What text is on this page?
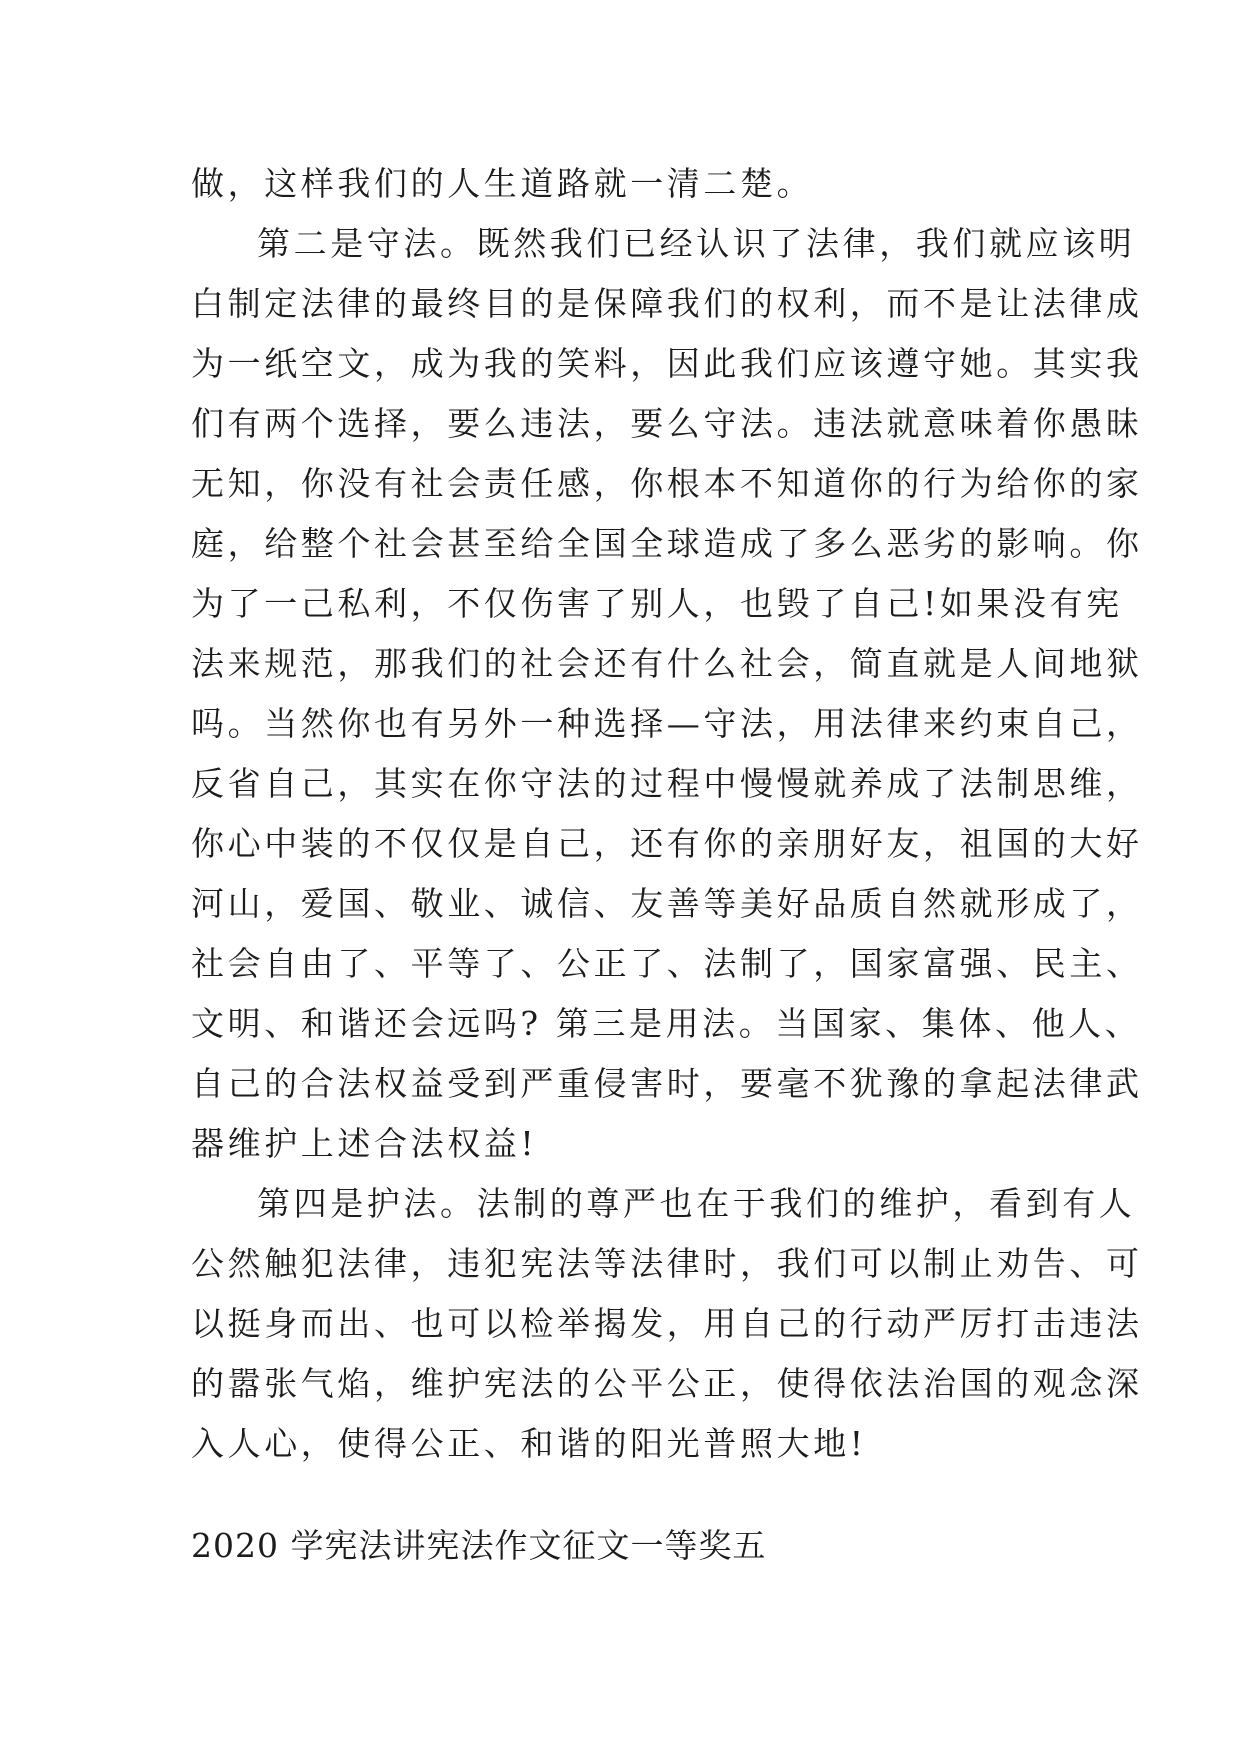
做，这样我们的人生道路就一清二楚。
第二是守法。既然我们已经认识了法律，我们就应该明
白制定法律的最终目的是保障我们的权利，而不是让法律成
为一纸空文，成为我的笑料，因此我们应该遵守她。其实我
们有两个选择，要么违法，要么守法。违法就意味着你愚昧
无知，你没有社会责任感，你根本不知道你的行为给你的家
庭，给整个社会甚至给全国全球造成了多么恶劣的影响。你
为了一己私利，不仅伤害了别人，也毁了自己!如果没有宪
法来规范，那我们的社会还有什么社会，简直就是人间地狱
吗。当然你也有另外一种选择—守法，用法律来约束自己，
反省自己，其实在你守法的过程中慢慢就养成了法制思维，
你心中装的不仅仅是自己，还有你的亲朋好友，祖国的大好
河山，爱国、敬业、诚信、友善等美好品质自然就形成了，
社会自由了、平等了、公正了、法制了，国家富强、民主、
文明、和谐还会远吗? 第三是用法。当国家、集体、他人、
自己的合法权益受到严重侵害时，要毫不犹豫的拿起法律武
器维护上述合法权益!
第四是护法。法制的尊严也在于我们的维护，看到有人
公然触犯法律，违犯宪法等法律时，我们可以制止劝告、可
以挺身而出、也可以检举揭发，用自己的行动严厉打击违法
的嚣张气焰，维护宪法的公平公正，使得依法治国的观念深
入人心，使得公正、和谐的阳光普照大地!
2020 学宪法讲宪法作文征文一等奖五
